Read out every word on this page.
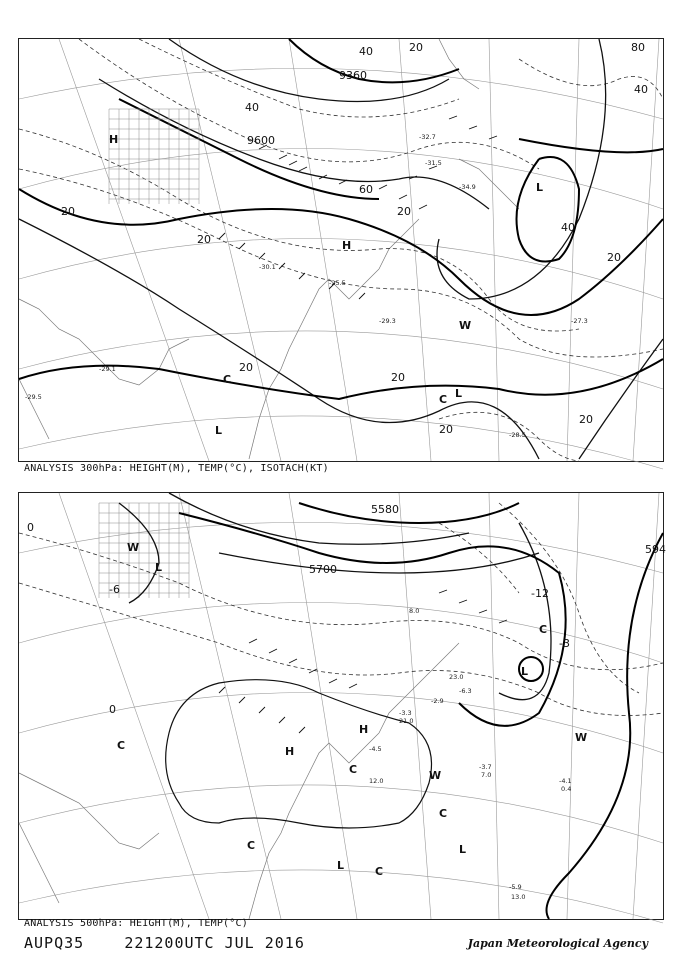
9360
9600
20
20
20
20
20
20
20
20
40
40
40
40
60
80
20
H
H
L
L
C
C L
W
-29.1
-29.5
-27.3
-28.5
-25.5
-30.1
-34.9
-32.7
-31.5
-29.3
ANALYSIS 300hPa: HEIGHT(M), TEMP(°C), ISOTACH(KT)
5700
5580
594
-12
0
-6
0
-3
L
L
H
H
W
C
C
C
C
L
L
C
W
W
C
-5.9
13.0
-3.7
7.0
-4.1
0.4
-4.5
12.0
-3.3
21.0
-2.9
23.0
-6.3
8.0
ANALYSIS 500hPa: HEIGHT(M), TEMP(°C)
AUPQ35	221200UTC JUL 2016	Japan Meteorological Agency
